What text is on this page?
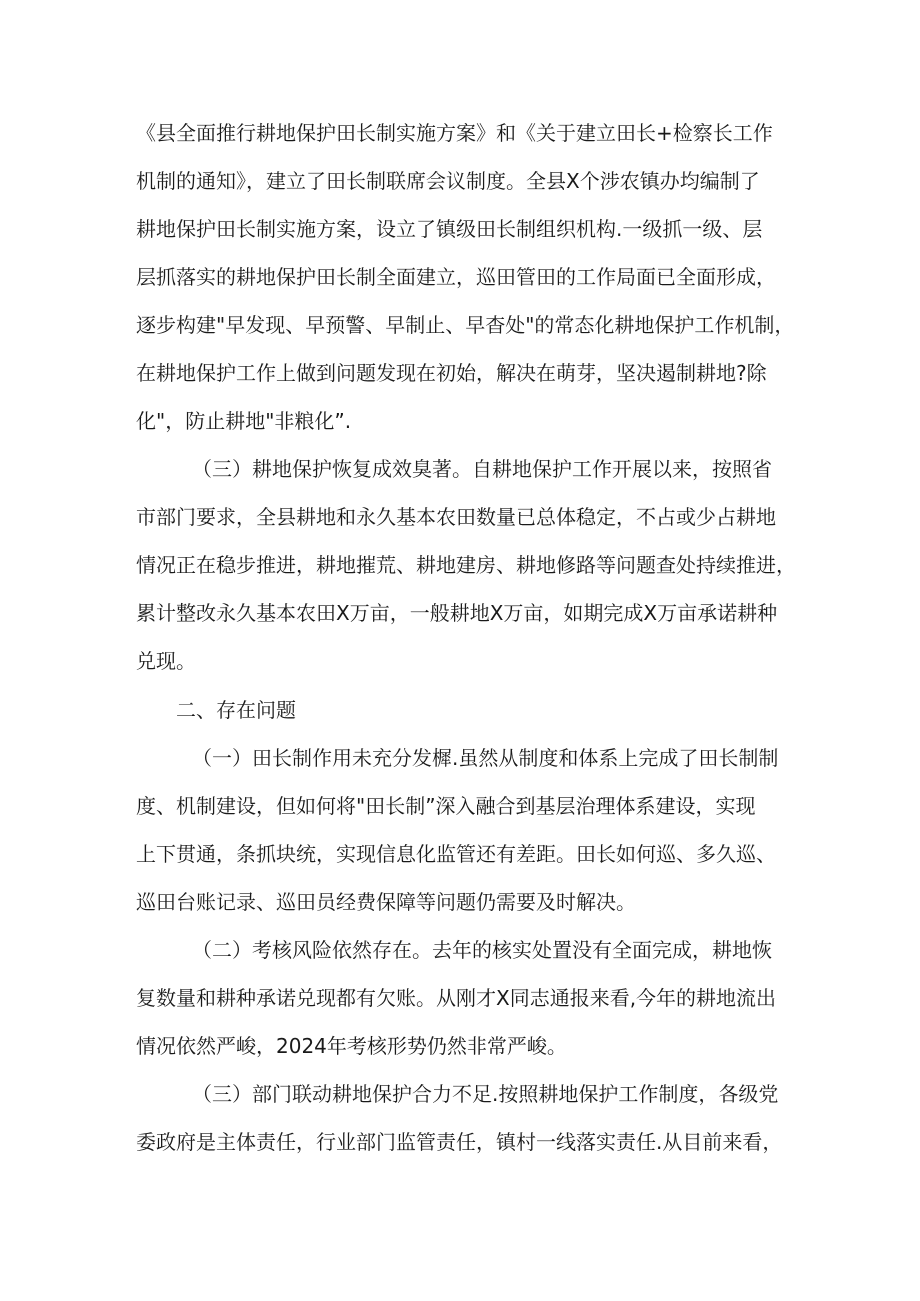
《县全面推行耕地保护田长制实施方案》和《关于建立田长+检察长工作
机制的通知》，建立了田长制联席会议制度。全县X个涉农镇办均编制了
耕地保护田长制实施方案，设立了镇级田长制组织机构.一级抓一级、层
层抓落实的耕地保护田长制全面建立，巡田管田的工作局面已全面形成，
逐步构建"早发现、早预警、早制止、早杳处"的常态化耕地保护工作机制，
在耕地保护工作上做到问题发现在初始，解决在萌芽，坚决遏制耕地?除
化"，防止耕地"非粮化”.
（三）耕地保护恢复成效臭著。自耕地保护工作开展以来，按照省
市部门要求，全县耕地和永久基本农田数量已总体稳定，不占或少占耕地
情况正在稳步推进，耕地摧荒、耕地建房、耕地修路等问题查处持续推进，
累计整改永久基本农田X万亩，一般耕地X万亩，如期完成X万亩承诺耕种
兑现。
二、存在问题
（一）田长制作用未充分发樨.虽然从制度和体系上完成了田长制制
度、机制建设，但如何将"田长制”深入融合到基层治理体系建设，实现
上下贯通，条抓块统，实现信息化监管还有差距。田长如何巡、多久巡、
巡田台账记录、巡田员经费保障等问题仍需要及时解决。
（二）考核风险依然存在。去年的核实处置没有全面完成，耕地恢
复数量和耕种承诺兑现都有欠账。从刚才X同志通报来看,今年的耕地流出
情况依然严峻，2024年考核形势仍然非常严峻。
（三）部门联动耕地保护合力不足.按照耕地保护工作制度，各级党
委政府是主体责任，行业部门监管责任，镇村一线落实责任.从目前来看，
